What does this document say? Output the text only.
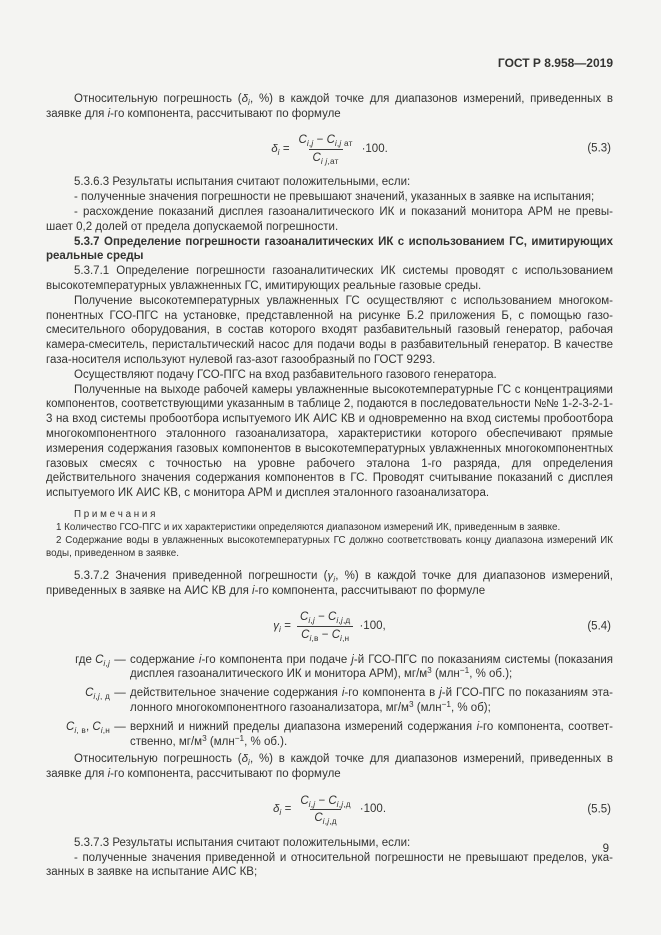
ГОСТ Р 8.958—2019
Относительную погрешность ($\delta_i$, %) в каждой точке для диапазонов измерений, приведенных в заявке для i-го компонента, рассчитывают по формуле
$\delta_i = \frac{C_{i,j} - C_{i,j ат}}{C_{i j,ат}} \cdot 100$.	(5.3)
5.3.6.3 Результаты испытания считают положительными, если:
- полученные значения погрешности не превышают значений, указанных в заявке на испытания;
- расхождение показаний дисплея газоаналитического ИК и показаний монитора АРМ не превышает 0,2 долей от предела допускаемой погрешности.
5.3.7 Определение погрешности газоаналитических ИК с использованием ГС, имитирующих реальные среды
5.3.7.1 Определение погрешности газоаналитических ИК системы проводят с использованием высокотемпературных увлажненных ГС, имитирующих реальные газовые среды.
Получение высокотемпературных увлажненных ГС осуществляют с использованием многокомпонентных ГСО-ПГС на установке, представленной на рисунке Б.2 приложения Б, с помощью газосмесительного оборудования, в состав которого входят разбавительный газовый генератор, рабочая камера-смеситель, перистальтический насос для подачи воды в разбавительный генератор. В качестве газа-носителя используют нулевой газ-азот газообразный по ГОСТ 9293.
Осуществляют подачу ГСО-ПГС на вход разбавительного газового генератора.
Полученные на выходе рабочей камеры увлажненные высокотемпературные ГС с концентрациями компонентов, соответствующими указанным в таблице 2, подаются в последовательности №№ 1-2-3-2-1-3 на вход системы пробоотбора испытуемого ИК АИС КВ и одновременно на вход системы пробоотбора многокомпонентного эталонного газоанализатора, характеристики которого обеспечивают прямые измерения содержания газовых компонентов в высокотемпературных увлажненных многокомпонентных газовых смесях с точностью на уровне рабочего эталона 1-го разряда, для определения действительного значения содержания компонентов в ГС. Проводят считывание показаний с дисплея испытуемого ИК АИС КВ, с монитора АРМ и дисплея эталонного газоанализатора.
П р и м е ч а н и я
1 Количество ГСО-ПГС и их характеристики определяются диапазоном измерений ИК, приведенным в заявке.
2 Содержание воды в увлажненных высокотемпературных ГС должно соответствовать концу диапазона измерений ИК воды, приведенном в заявке.
5.3.7.2 Значения приведенной погрешности ($\gamma_i$, %) в каждой точке для диапазонов измерений, приведенных в заявке на АИС КВ для i-го компонента, рассчитывают по формуле
$\gamma_i = \frac{C_{i,j} - C_{i,j,д}}{C_{i,в} - C_{i,н}} \cdot 100$,	(5.4)
где $C_{i,j}$ — содержание i-го компонента при подаче j-й ГСО-ПГС по показаниям системы (показания дисплея газоаналитического ИК и монитора АРМ), $мг/м^3$ (млн$^{-1}$, % об.);
$C_{i,j, д}$ — действительное значение содержания i-го компонента в j-й ГСО-ПГС по показаниям эталонного многокомпонентного газоанализатора, $мг/м^3$ (млн$^{-1}$, % об);
$C_{i, в}$, $C_{i,н}$ — верхний и нижний пределы диапазона измерений содержания i-го компонента, соответственно, $мг/м^3$ (млн$^{-1}$, % об.).
Относительную погрешность ($\delta_i$, %) в каждой точке для диапазонов измерений, приведенных в заявке для i-го компонента, рассчитывают по формуле
$\delta_i = \frac{C_{i,j} - C_{i,j,д}}{C_{i,j,д}} \cdot 100$.	(5.5)
5.3.7.3 Результаты испытания считают положительными, если:
- полученные значения приведенной и относительной погрешности не превышают пределов, указанных в заявке на испытание АИС КВ;
9
